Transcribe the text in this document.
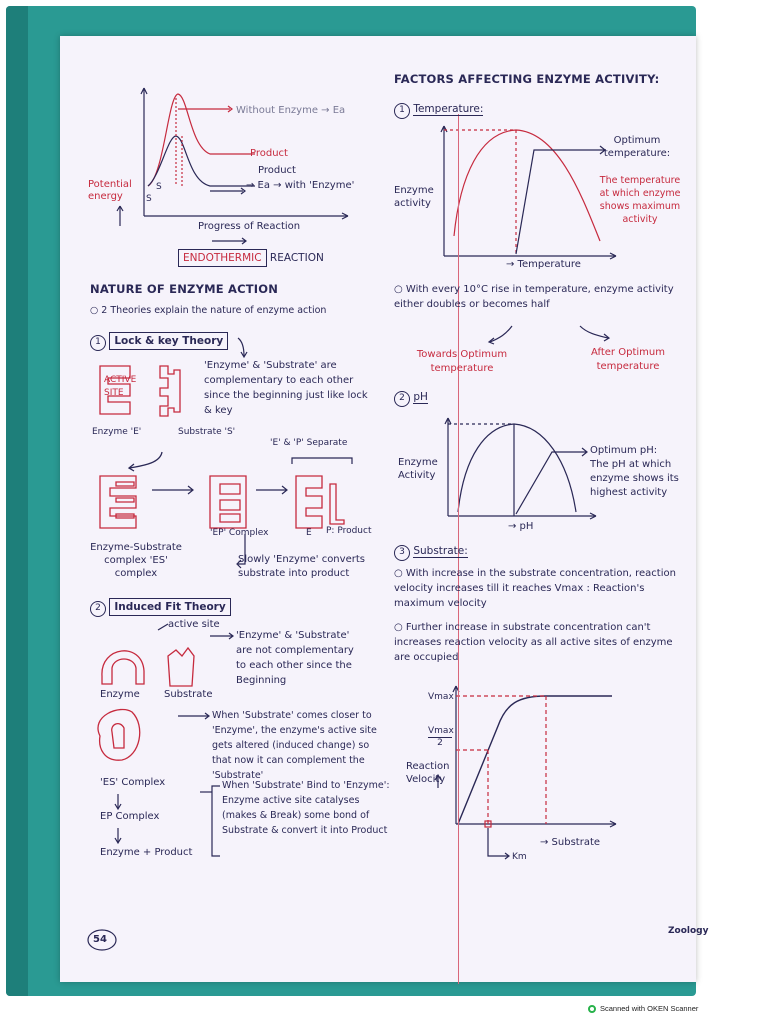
Without Enzyme → Ea
Product
Product
→ Ea → with 'Enzyme'
Potential energy	S
S
Progress of Reaction
ENDOTHERMIC REACTION
NATURE OF ENZYME ACTION
○ 2 Theories explain the nature of enzyme action
1 Lock & key Theory
ACTIVE SITE
'Enzyme' & 'Substrate' are complementary to each other since the beginning just like lock & key
Enzyme 'E'	Substrate 'S'
'E' & 'P' Separate
'EP' Complex	E P: Product
Enzyme-Substrate complex 'ES' complex
Slowly 'Enzyme' converts substrate into product
2 Induced Fit Theory
active site
'Enzyme' & 'Substrate' are not complementary to each other since the Beginning
Enzyme Substrate
When 'Substrate' comes closer to 'Enzyme', the enzyme's active site gets altered (induced change) so that now it can complement the 'Substrate'
'ES' Complex
EP Complex
Enzyme + Product
When 'Substrate' Bind to 'Enzyme': Enzyme active site catalyses (makes & Break) some bond of Substrate & convert it into Product
54
FACTORS AFFECTING ENZYME ACTIVITY:
1 Temperature:
Enzyme activity
→ Temperature
Optimum temperature:
The temperature at which enzyme shows maximum activity
○ With every 10°C rise in temperature, enzyme activity either doubles or becomes half
Towards Optimum temperature
After Optimum temperature
2 pH
Enzyme Activity
→ pH
Optimum pH:
The pH at which enzyme shows its highest activity
3 Substrate:
○ With increase in the substrate concentration, reaction velocity increases till it reaches Vmax : Reaction's maximum velocity
○ Further increase in substrate concentration can't increases reaction velocity as all active sites of enzyme are occupied
Vmax
Vmax
2
Reaction Velocity
→ Substrate
Km
Zoology
Scanned with OKEN Scanner
